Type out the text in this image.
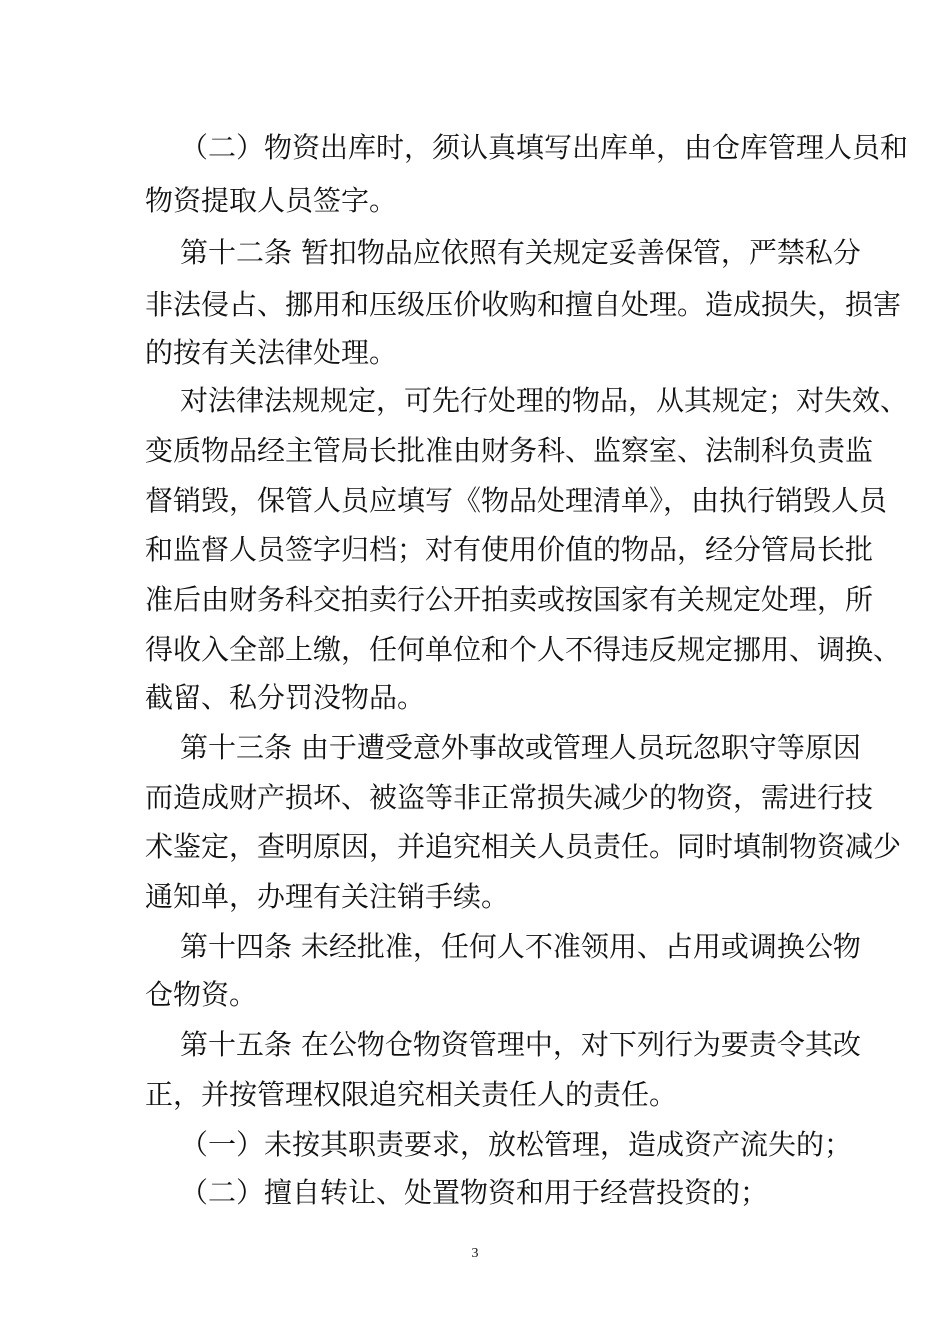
（二）物资出库时，须认真填写出库单，由仓库管理人员和
物资提取人员签字。
第十二条 暂扣物品应依照有关规定妥善保管，严禁私分
非法侵占、挪用和压级压价收购和擅自处理。造成损失，损害
的按有关法律处理。
对法律法规规定，可先行处理的物品，从其规定；对失效、
变质物品经主管局长批准由财务科、监察室、法制科负责监
督销毁，保管人员应填写《物品处理清单》，由执行销毁人员
和监督人员签字归档；对有使用价值的物品，经分管局长批
准后由财务科交拍卖行公开拍卖或按国家有关规定处理，所
得收入全部上缴，任何单位和个人不得违反规定挪用、调换、
截留、私分罚没物品。
第十三条 由于遭受意外事故或管理人员玩忽职守等原因
而造成财产损坏、被盗等非正常损失减少的物资，需进行技
术鉴定，查明原因，并追究相关人员责任。同时填制物资减少
通知单，办理有关注销手续。
第十四条 未经批准，任何人不准领用、占用或调换公物
仓物资。
第十五条 在公物仓物资管理中，对下列行为要责令其改
正，并按管理权限追究相关责任人的责任。
（一）未按其职责要求，放松管理，造成资产流失的；
（二）擅自转让、处置物资和用于经营投资的；
3
